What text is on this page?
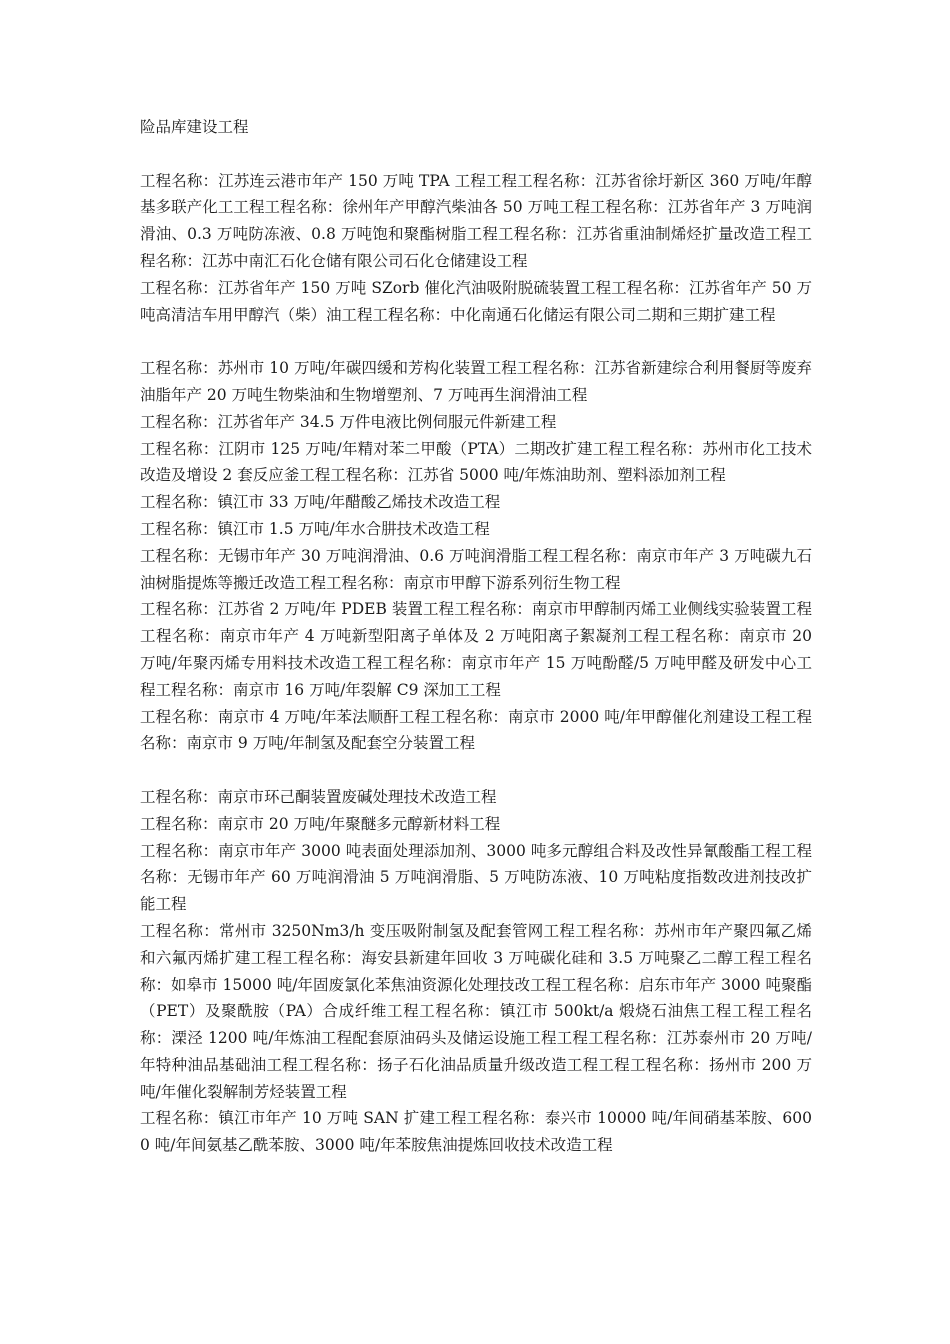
险品库建设工程

工程名称：江苏连云港市年产 150 万吨 TPA 工程工程工程名称：江苏省徐圩新区 360 万吨/年醇基多联产化工工程工程名称：徐州年产甲醇汽柴油各 50 万吨工程工程名称：江苏省年产 3 万吨润滑油、0.3 万吨防冻液、0.8 万吨饱和聚酯树脂工程工程名称：江苏省重油制烯烃扩量改造工程工程名称：江苏中南汇石化仓储有限公司石化仓储建设工程

工程名称：江苏省年产 150 万吨 SZorb 催化汽油吸附脱硫装置工程工程名称：江苏省年产 50 万吨高清洁车用甲醇汽（柴）油工程工程名称：中化南通石化储运有限公司二期和三期扩建工程

工程名称：苏州市 10 万吨/年碳四缓和芳构化装置工程工程名称：江苏省新建综合利用餐厨等废弃油脂年产 20 万吨生物柴油和生物增塑剂、7 万吨再生润滑油工程

工程名称：江苏省年产 34.5 万件电液比例伺服元件新建工程

工程名称：江阴市 125 万吨/年精对苯二甲酸（PTA）二期改扩建工程工程名称：苏州市化工技术改造及增设 2 套反应釜工程工程名称：江苏省 5000 吨/年炼油助剂、塑料添加剂工程

工程名称：镇江市 33 万吨/年醋酸乙烯技术改造工程

工程名称：镇江市 1.5 万吨/年水合肼技术改造工程

工程名称：无锡市年产 30 万吨润滑油、0.6 万吨润滑脂工程工程名称：南京市年产 3 万吨碳九石油树脂提炼等搬迁改造工程工程名称：南京市甲醇下游系列衍生物工程

工程名称：江苏省 2 万吨/年 PDEB 装置工程工程名称：南京市甲醇制丙烯工业侧线实验装置工程工程名称：南京市年产 4 万吨新型阳离子单体及 2 万吨阳离子絮凝剂工程工程名称：南京市 20 万吨/年聚丙烯专用料技术改造工程工程名称：南京市年产 15 万吨酚醛/5 万吨甲醛及研发中心工程工程名称：南京市 16 万吨/年裂解 C9 深加工工程

工程名称：南京市 4 万吨/年苯法顺酐工程工程名称：南京市 2000 吨/年甲醇催化剂建设工程工程名称：南京市 9 万吨/年制氢及配套空分装置工程

工程名称：南京市环己酮装置废碱处理技术改造工程

工程名称：南京市 20 万吨/年聚醚多元醇新材料工程

工程名称：南京市年产 3000 吨表面处理添加剂、3000 吨多元醇组合料及改性异氰酸酯工程工程名称：无锡市年产 60 万吨润滑油 5 万吨润滑脂、5 万吨防冻液、10 万吨粘度指数改进剂技改扩能工程

工程名称：常州市 3250Nm3/h 变压吸附制氢及配套管网工程工程名称：苏州市年产聚四氟乙烯和六氟丙烯扩建工程工程名称：海安县新建年回收 3 万吨碳化硅和 3.5 万吨聚乙二醇工程工程名称：如皋市 15000 吨/年固废氯化苯焦油资源化处理技改工程工程名称：启东市年产 3000 吨聚酯（PET）及聚酰胺（PA）合成纤维工程工程名称：镇江市 500kt/a 煅烧石油焦工程工程工程名称：溧泾 1200 吨/年炼油工程配套原油码头及储运设施工程工程工程名称：江苏泰州市 20 万吨/年特种油品基础油工程工程名称：扬子石化油品质量升级改造工程工程工程名称：扬州市 200 万吨/年催化裂解制芳烃装置工程

工程名称：镇江市年产 10 万吨 SAN 扩建工程工程名称：泰兴市 10000 吨/年间硝基苯胺、6000 吨/年间氨基乙酰苯胺、3000 吨/年苯胺焦油提炼回收技术改造工程
